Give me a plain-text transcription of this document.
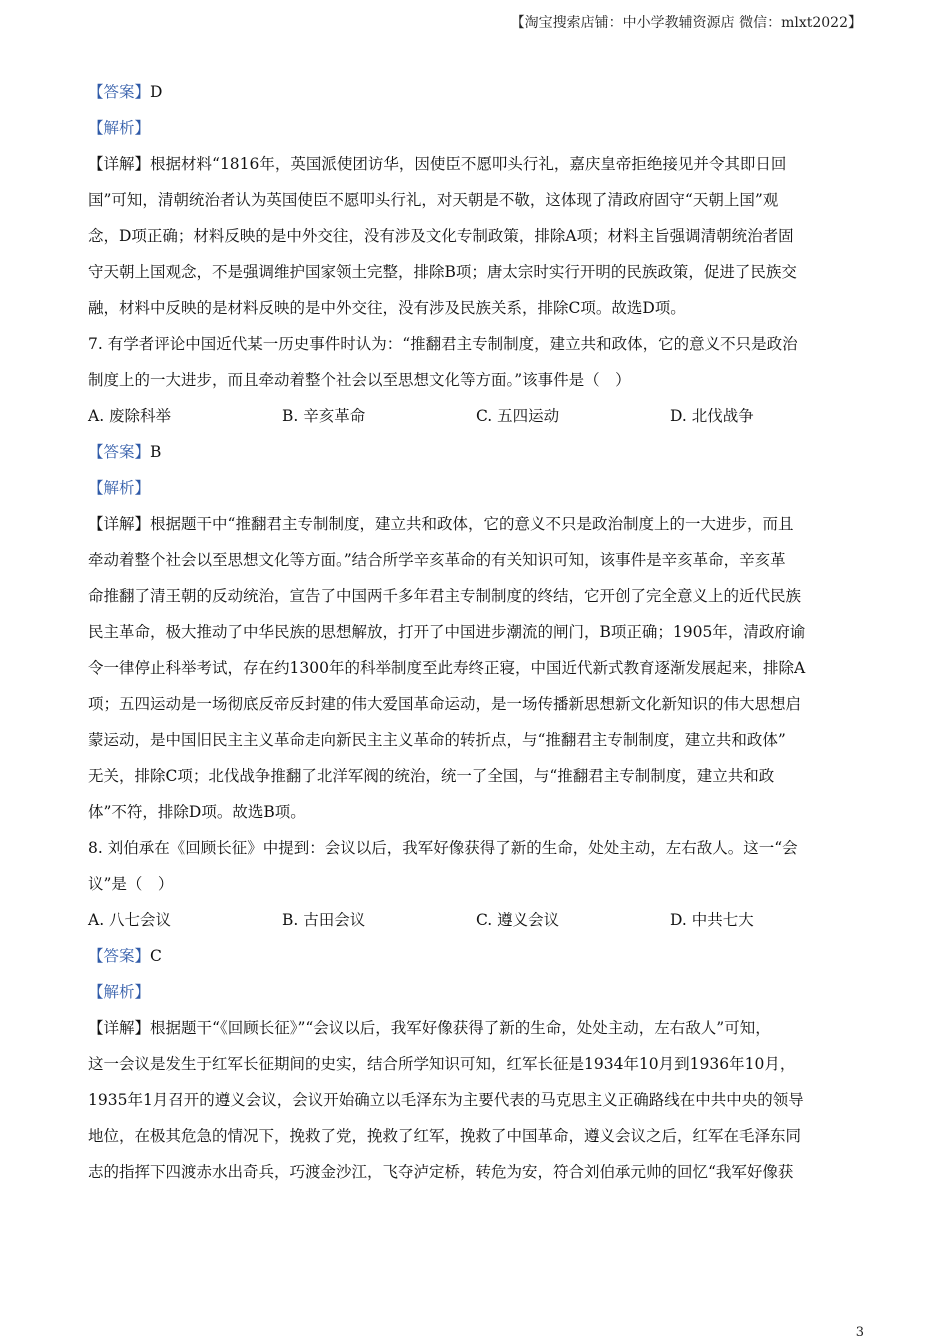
【淘宝搜索店铺：中小学教辅资源店 微信：mlxt2022】
【答案】D
【解析】
【详解】根据材料“1816年，英国派使团访华，因使臣不愿叩头行礼，嘉庆皇帝拒绝接见并令其即日回
国”可知，清朝统治者认为英国使臣不愿叩头行礼，对天朝是不敬，这体现了清政府固守“天朝上国”观
念，D项正确；材料反映的是中外交往，没有涉及文化专制政策，排除A项；材料主旨强调清朝统治者固
守天朝上国观念，不是强调维护国家领土完整，排除B项；唐太宗时实行开明的民族政策，促进了民族交
融，材料中反映的是材料反映的是中外交往，没有涉及民族关系，排除C项。故选D项。
7. 有学者评论中国近代某一历史事件时认为：“推翻君主专制制度，建立共和政体，它的意义不只是政治
制度上的一大进步，而且牵动着整个社会以至思想文化等方面。”该事件是（　）
A. 废除科举	B. 辛亥革命	C. 五四运动	D. 北伐战争
【答案】B
【解析】
【详解】根据题干中“推翻君主专制制度，建立共和政体，它的意义不只是政治制度上的一大进步，而且
牵动着整个社会以至思想文化等方面。”结合所学辛亥革命的有关知识可知，该事件是辛亥革命，辛亥革
命推翻了清王朝的反动统治，宣告了中国两千多年君主专制制度的终结，它开创了完全意义上的近代民族
民主革命，极大推动了中华民族的思想解放，打开了中国进步潮流的闸门，B项正确；1905年，清政府谕
令一律停止科举考试，存在约1300年的科举制度至此寿终正寝，中国近代新式教育逐渐发展起来，排除A
项；五四运动是一场彻底反帝反封建的伟大爱国革命运动，是一场传播新思想新文化新知识的伟大思想启
蒙运动，是中国旧民主主义革命走向新民主主义革命的转折点，与“推翻君主专制制度，建立共和政体”
无关，排除C项；北伐战争推翻了北洋军阀的统治，统一了全国，与“推翻君主专制制度，建立共和政
体”不符，排除D项。故选B项。
8. 刘伯承在《回顾长征》中提到：会议以后，我军好像获得了新的生命，处处主动，左右敌人。这一“会
议”是（　）
A. 八七会议	B. 古田会议	C. 遵义会议	D. 中共七大
【答案】C
【解析】
【详解】根据题干“《回顾长征》”“会议以后，我军好像获得了新的生命，处处主动，左右敌人”可知，
这一会议是发生于红军长征期间的史实，结合所学知识可知，红军长征是1934年10月到1936年10月，
1935年1月召开的遵义会议，会议开始确立以毛泽东为主要代表的马克思主义正确路线在中共中央的领导
地位，在极其危急的情况下，挽救了党，挽救了红军，挽救了中国革命，遵义会议之后，红军在毛泽东同
志的指挥下四渡赤水出奇兵，巧渡金沙江，飞夺泸定桥，转危为安，符合刘伯承元帅的回忆“我军好像获
3
